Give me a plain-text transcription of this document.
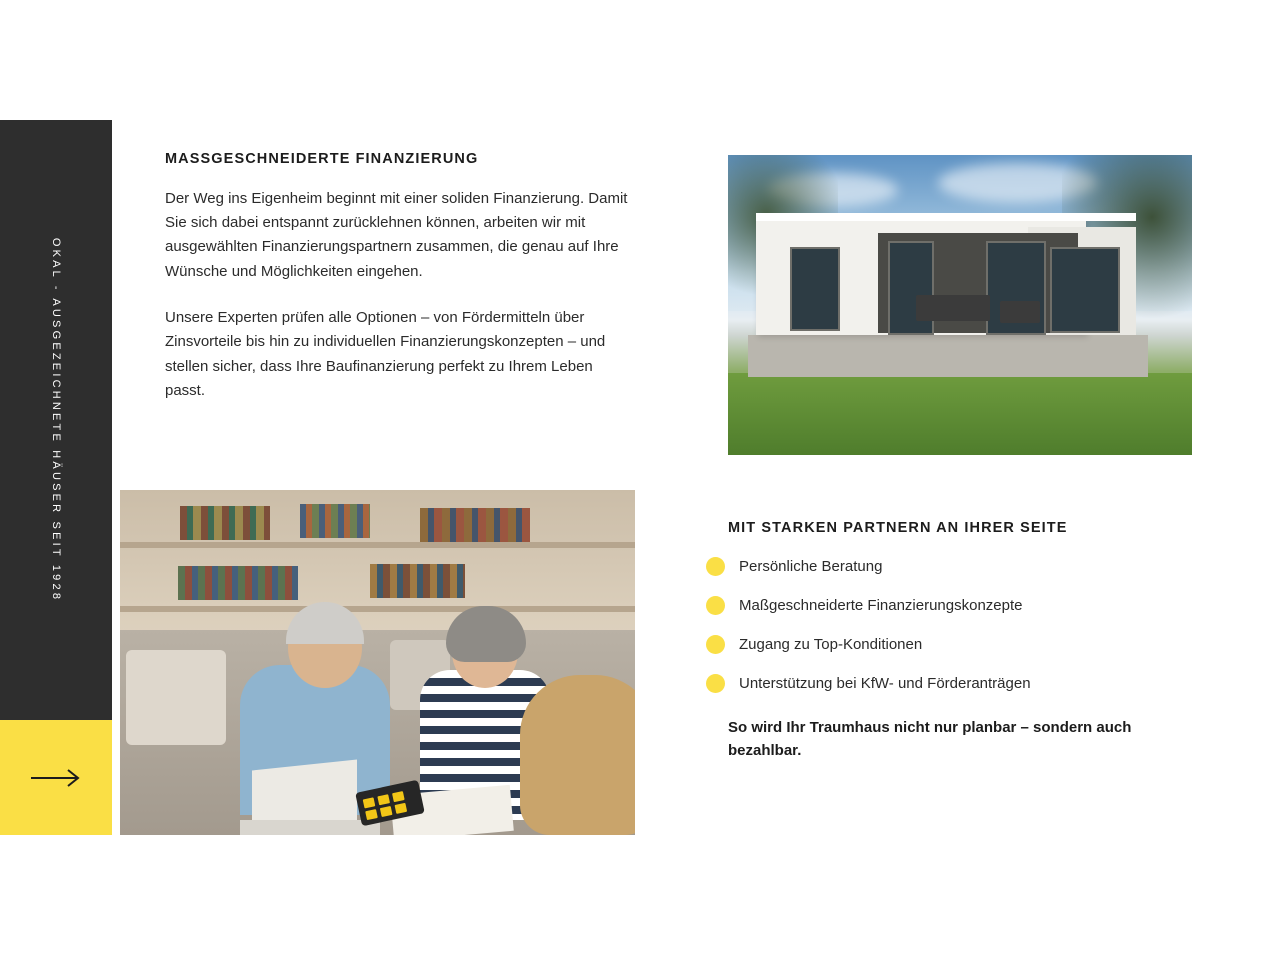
OKAL - AUSGEZEICHNETE HÄUSER SEIT 1928
MASSGESCHNEIDERTE FINANZIERUNG

Der Weg ins Eigenheim beginnt mit einer soliden Finanzierung. Damit Sie sich dabei entspannt zurücklehnen können, arbeiten wir mit ausgewählten Finanzierungspartnern zusammen, die genau auf Ihre Wünsche und Möglichkeiten eingehen.

Unsere Experten prüfen alle Optionen – von Fördermitteln über Zinsvorteile bis hin zu individuellen Finanzierungskonzepten – und stellen sicher, dass Ihre Baufinanzierung perfekt zu Ihrem Leben passt.

MIT STARKEN PARTNERN AN IHRER SEITE
Persönliche Beratung
Maßgeschneiderte Finanzierungskonzepte
Zugang zu Top-Konditionen
Unterstützung bei KfW- und Förderanträgen
So wird Ihr Traumhaus nicht nur planbar – sondern auch bezahlbar.
